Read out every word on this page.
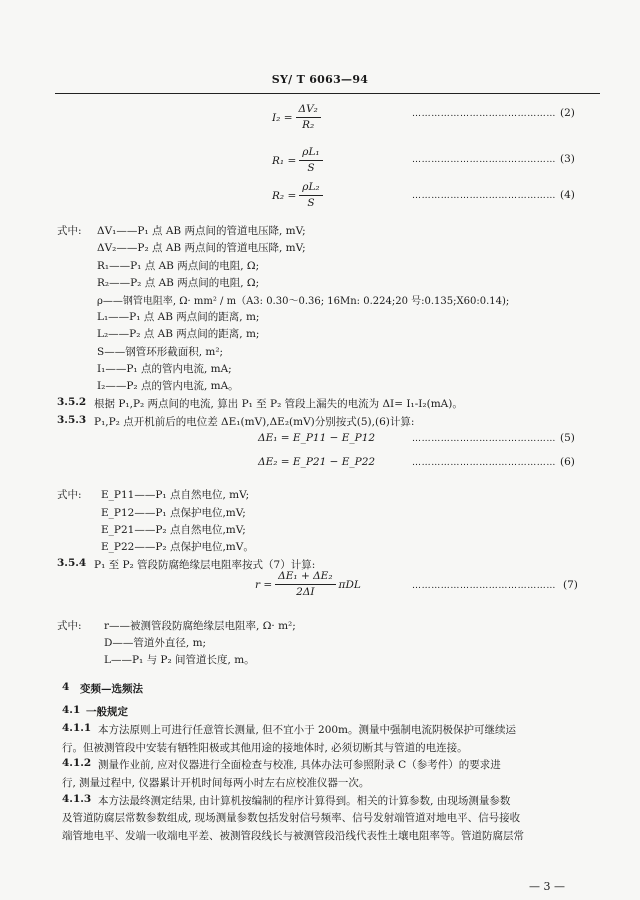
SY/ T 6063—94
$I_2 = \frac{\text{ΔV₂}}{\text{R₂}}$	……………………………………… (2)
$R_1 = \frac{\text{ρL₁}}{S}$	……………………………………… (3)
$R_2 = \frac{\text{ρL₂}}{S}$	……………………………………… (4)
式中: ΔV₁——P₁ 点 AB 两点间的管道电压降, mV;
ΔV₂——P₂ 点 AB 两点间的管道电压降, mV;
R₁——P₁ 点 AB 两点间的电阻, Ω;
R₂——P₂ 点 AB 两点间的电阻, Ω;
ρ——钢管电阻率, Ω· mm² / m（A3: 0.30～0.36; 16Mn: 0.224;20 号:0.135;X60:0.14);
L₁——P₁ 点 AB 两点间的距离, m;
L₂——P₂ 点 AB 两点间的距离, m;
S——钢管环形截面积, m²;
I₁——P₁ 点的管内电流, mA;
I₂——P₂ 点的管内电流, mA。
3.5.2 根据 P₁,P₂ 两点间的电流, 算出 P₁ 至 P₂ 管段上漏失的电流为 ΔI= I₁-I₂(mA)。
3.5.3 P₁,P₂ 点开机前后的电位差 ΔE₁(mV),ΔE₂(mV)分别按式(5),(6)计算:
ΔE₁ = E_P11 − E_P12	……………………………………… (5)
ΔE₂ = E_P21 − E_P22	……………………………………… (6)
式中: E_P11——P₁ 点自然电位, mV;
E_P12——P₁ 点保护电位,mV;
E_P21——P₂ 点自然电位,mV;
E_P22——P₂ 点保护电位,mV。
3.5.4 P₁ 至 P₂ 管段防腐绝缘层电阻率按式（7）计算:
$r = \frac{\text{ΔE₁ + ΔE₂}}{2\Delta I}$ πDL	……………………………………… (7)
式中: r——被测管段防腐绝缘层电阻率, Ω· m²;
D——管道外直径, m;
L——P₁ 与 P₂ 间管道长度, m。
4 变频—选频法
4.1 一般规定
4.1.1 本方法原则上可进行任意管长测量, 但不宜小于 200m。测量中强制电流阴极保护可继续运
行。但被测管段中安装有牺牲阳极或其他用途的接地体时, 必须切断其与管道的电连接。
4.1.2 测量作业前, 应对仪器进行全面检查与校准, 具体办法可参照附录 C（参考件）的要求进
行, 测量过程中, 仪器累计开机时间每两小时左右应校准仪器一次。
4.1.3 本方法最终测定结果, 由计算机按编制的程序计算得到。相关的计算参数, 由现场测量参数
及管道防腐层常数参数组成, 现场测量参数包括发射信号频率、信号发射端管道对地电平、信号接收
端管地电平、发端一收端电平差、被测管段线长与被测管段沿线代表性土壤电阻率等。管道防腐层常
— 3 —
